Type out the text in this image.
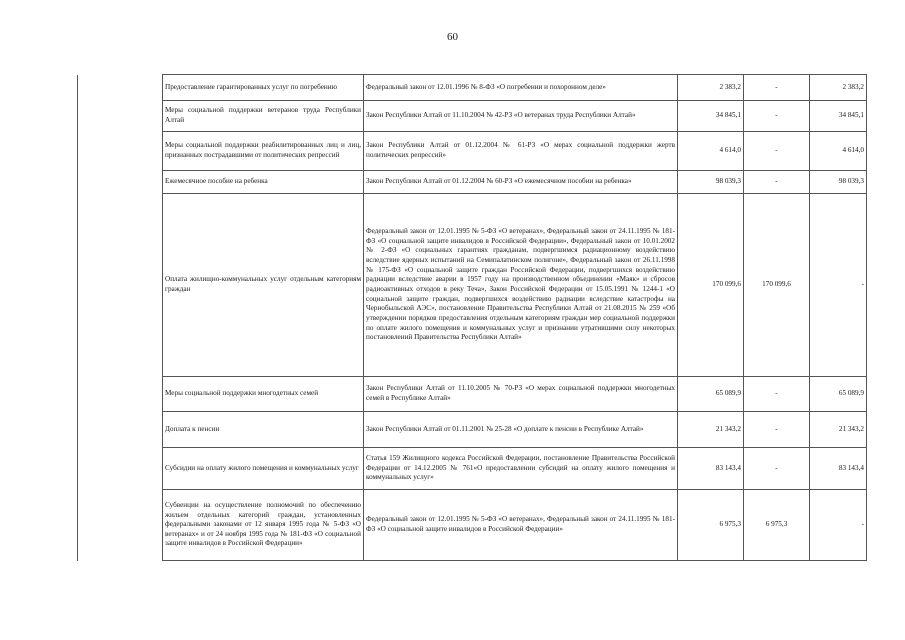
60
	Предоставление гарантированных услуг по погребению	Федеральный закон от 12.01.1996 № 8-ФЗ «О погребении и похоронном деле»	2 383,2	-	2 383,2
	Меры социальной поддержки ветеранов труда Республики Алтай	Закон Республики Алтай от 11.10.2004 № 42-РЗ «О ветеранах труда Республики Алтай»	34 845,1	-	34 845,1
	Меры социальной поддержки реабилитированных лиц и лиц, признанных пострадавшими от политических репрессий	Закон Республики Алтай от 01.12.2004 № 61-РЗ «О мерах социальной поддержки жертв политических репрессий»	4 614,0	-	4 614,0
	Ежемесячное пособие на ребенка	Закон Республики Алтай от 01.12.2004 № 60-РЗ «О ежемесячном пособии на ребенка»	98 039,3	-	98 039,3
	Оплата жилищно-коммунальных услуг отдельным категориям граждан	Федеральный закон от 12.01.1995 № 5-ФЗ «О ветеранах», Федеральный закон от 24.11.1995 № 181-ФЗ «О социальной защите инвалидов в Российской Федерации», Федеральный закон от 10.01.2002 № 2-ФЗ «О социальных гарантиях гражданам, подвергшимся радиационному воздействию вследствие ядерных испытаний на Семипалатинском полигоне», Федеральный закон от 26.11.1998 № 175-ФЗ «О социальной защите граждан Российской Федерации, подвергшихся воздействию радиации вследствие аварии в 1957 году на производственном объединении «Маяк» и сбросов радиоактивных отходов в реку Теча», Закон Российской Федерации от 15.05.1991 № 1244-1 «О социальной защите граждан, подвергшихся воздействию радиации вследствие катастрофы на Чернобыльской АЭС», постановление Правительства Республики Алтай от 21.08.2015 № 259 «Об утверждении порядков предоставления отдельным категориям граждан мер социальной поддержки по оплате жилого помещения и коммунальных услуг и признании утратившими силу некоторых постановлений Правительства Республики Алтай»	170 099,6	170 099,6	-
	Меры социальной поддержки многодетных семей	Закон Республики Алтай от 11.10.2005 № 70-РЗ «О мерах социальной поддержки многодетных семей в Республике Алтай»	65 089,9	-	65 089,9
	Доплата к пенсии	Закон Республики Алтай от 01.11.2001 № 25-28 «О доплате к пенсии в Республике Алтай»	21 343,2	-	21 343,2
	Субсидии на оплату жилого помещения и коммунальных услуг	Статья 159 Жилищного кодекса Российской Федерации, постановление Правительства Российской Федерации от 14.12.2005 № 761«О предоставлении субсидий на оплату жилого помещения и коммунальных услуг»	83 143,4	-	83 143,4
	Субвенции на осуществление полномочий по обеспечению жильем отдельных категорий граждан, установленных федеральными законами от 12 января 1995 года № 5-ФЗ «О ветеранах» и от 24 ноября 1995 года № 181-ФЗ «О социальной защите инвалидов в Российской Федерации»	Федеральный закон от 12.01.1995 № 5-ФЗ «О ветеранах», Федеральный закон от 24.11.1995 № 181-ФЗ «О социальной защите инвалидов в Российской Федерации»	6 975,3	6 975,3	-
